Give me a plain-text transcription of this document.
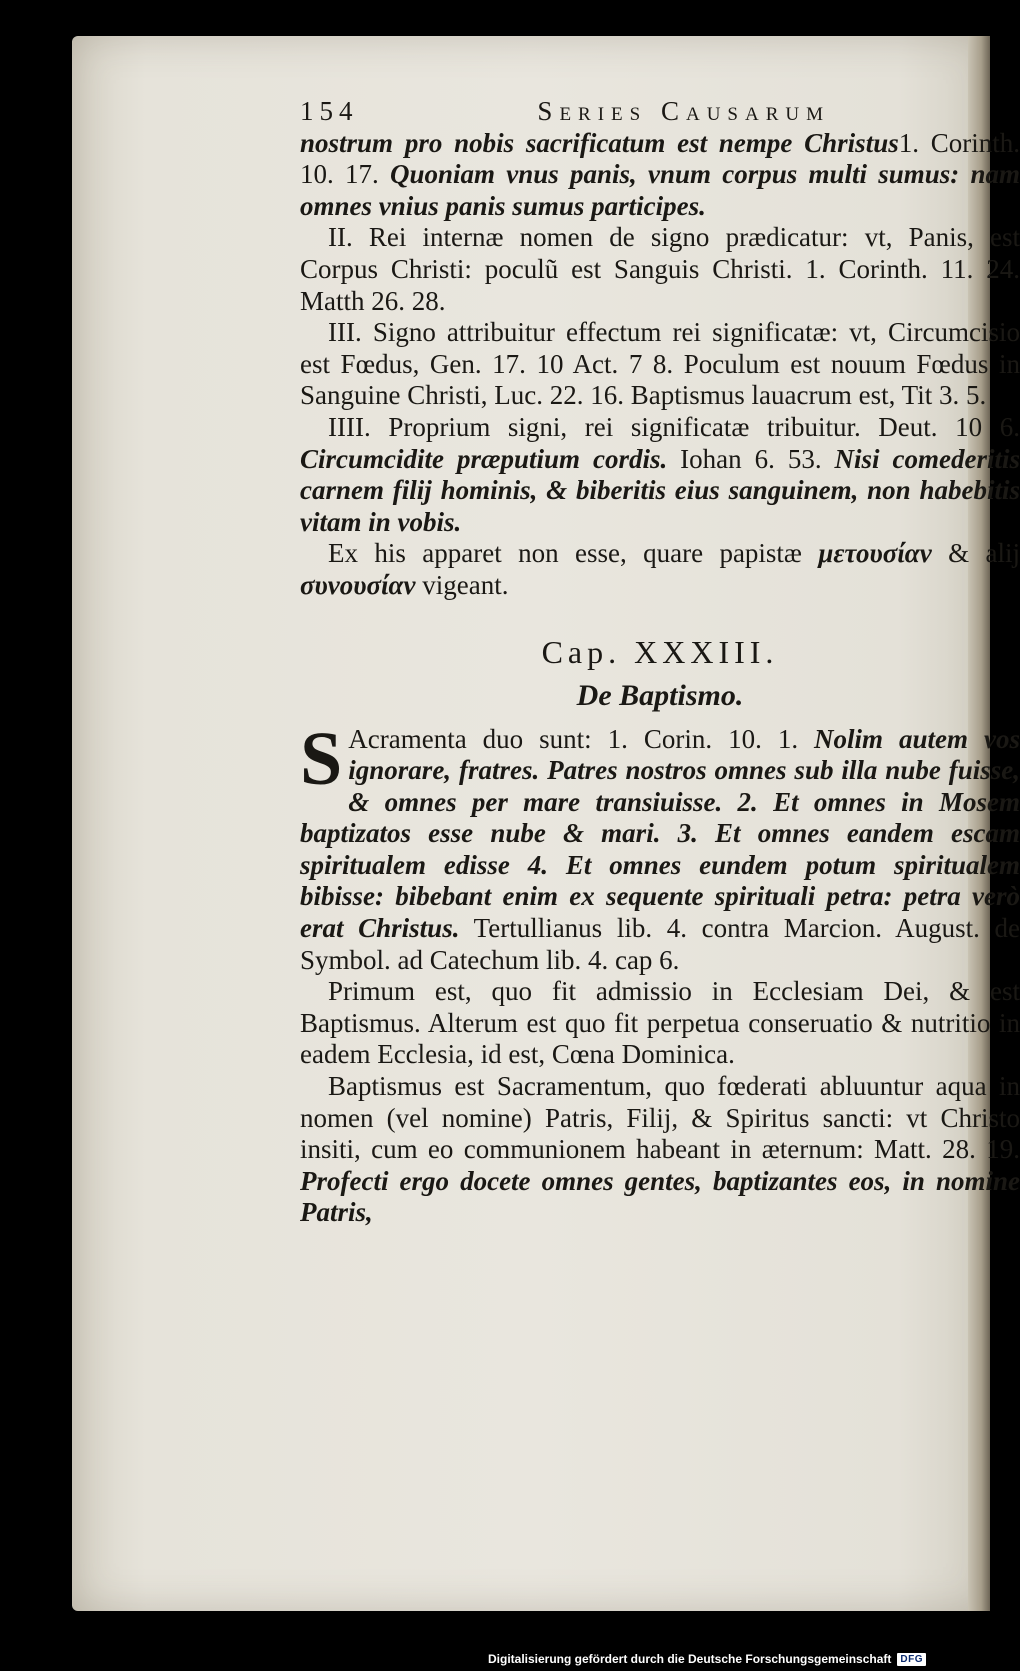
154	Series Causarum

nostrum pro nobis sacrificatum est nempe Christus1. Corinth. 10. 17. Quoniam vnus panis, vnum corpus multi sumus: nam omnes vnius panis sumus participes.

II. Rei internæ nomen de signo prædicatur: vt, Panis, est Corpus Christi: poculũ est Sanguis Christi. 1. Corinth. 11. 24. Matth 26. 28.

III. Signo attribuitur effectum rei significatæ: vt, Circumcisio est Fœdus, Gen. 17. 10 Act. 7 8. Poculum est nouum Fœdus in Sanguine Christi, Luc. 22. 16. Baptismus lauacrum est, Tit 3. 5.

IIII. Proprium signi, rei significatæ tribuitur. Deut. 10 6. Circumcidite præputium cordis. Iohan 6. 53. Nisi comederitis carnem filij hominis, & biberitis eius sanguinem, non habebitis vitam in vobis.

Ex his apparet non esse, quare papistæ μετουσίαν & alij συνουσίαν vigeant.

Cap. XXXIII.
De Baptismo.

S Acramenta duo sunt: 1. Corin. 10. 1. Nolim autem vos ignorare, fratres. Patres nostros omnes sub illa nube fuisse, & omnes per mare transiuisse. 2. Et omnes in Mosem baptizatos esse nube & mari. 3. Et omnes eandem escam spiritualem edisse 4. Et omnes eundem potum spiritualem bibisse: bibebant enim ex sequente spirituali petra: petra verò erat Christus. Tertullianus lib. 4. contra Marcion. August. de Symbol. ad Catechum lib. 4. cap 6.

Primum est, quo fit admissio in Ecclesiam Dei, & est Baptismus. Alterum est quo fit perpetua conseruatio & nutritio in eadem Ecclesia, id est, Cœna Dominica.

Baptismus est Sacramentum, quo fœderati abluuntur aqua in nomen (vel nomine) Patris, Filij, & Spiritus sancti: vt Christo insiti, cum eo communionem habeant in æternum: Matt. 28. 19. Profecti ergo docete omnes gentes, baptizantes eos, in nomine Patris,

Digitalisierung gefördert durch die Deutsche Forschungsgemeinschaft DFG
